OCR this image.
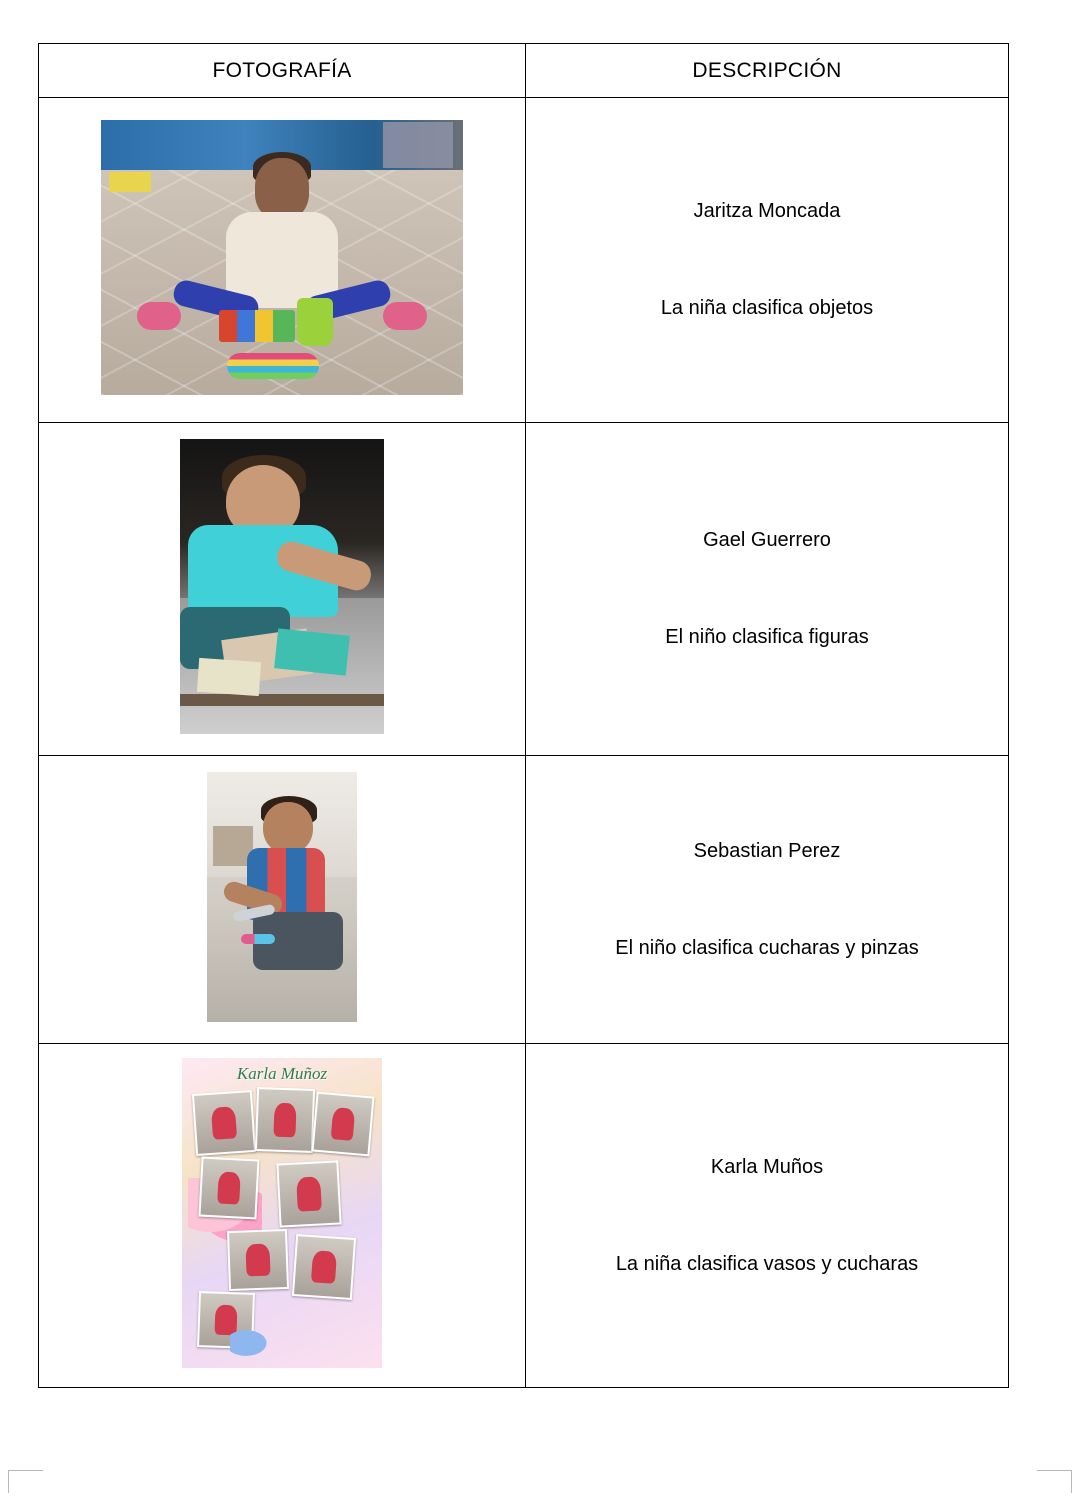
FOTOGRAFÍA	DESCRIPCIÓN

	Jaritza Moncada
La niña clasifica objetos

	Gael Guerrero
El niño clasifica figuras

	Sebastian Perez
El niño clasifica cucharas y pinzas

Karla Muñoz	Karla Muños
La niña clasifica vasos y cucharas
